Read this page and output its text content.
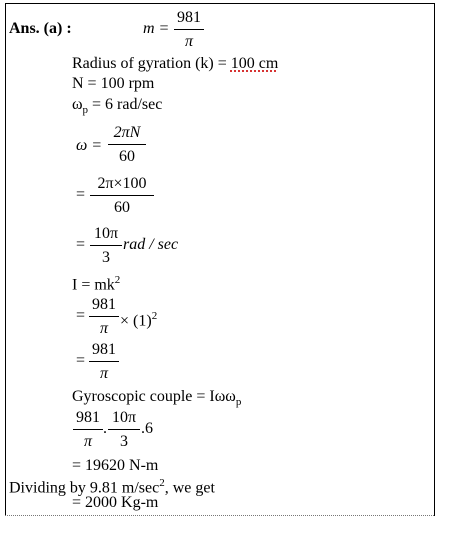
Ans. (a) :	m =
981
π
Radius of gyration (k) = 100 cm
N = 100 rpm
$\omega_p = 6$ rad/sec
ω =
2πN
60
=
2π×100
60
=
10π
3
rad / sec
$I = mk^2$
=
981
$\pi \times (1)^2$
=
981
π
Gyroscopic couple = Iωω$_p$
981
π
.
10π
3
.6
= 19620 N-m
Dividing by 9.81 $m/\sec^2$, we get
= 2000 Kg-m
